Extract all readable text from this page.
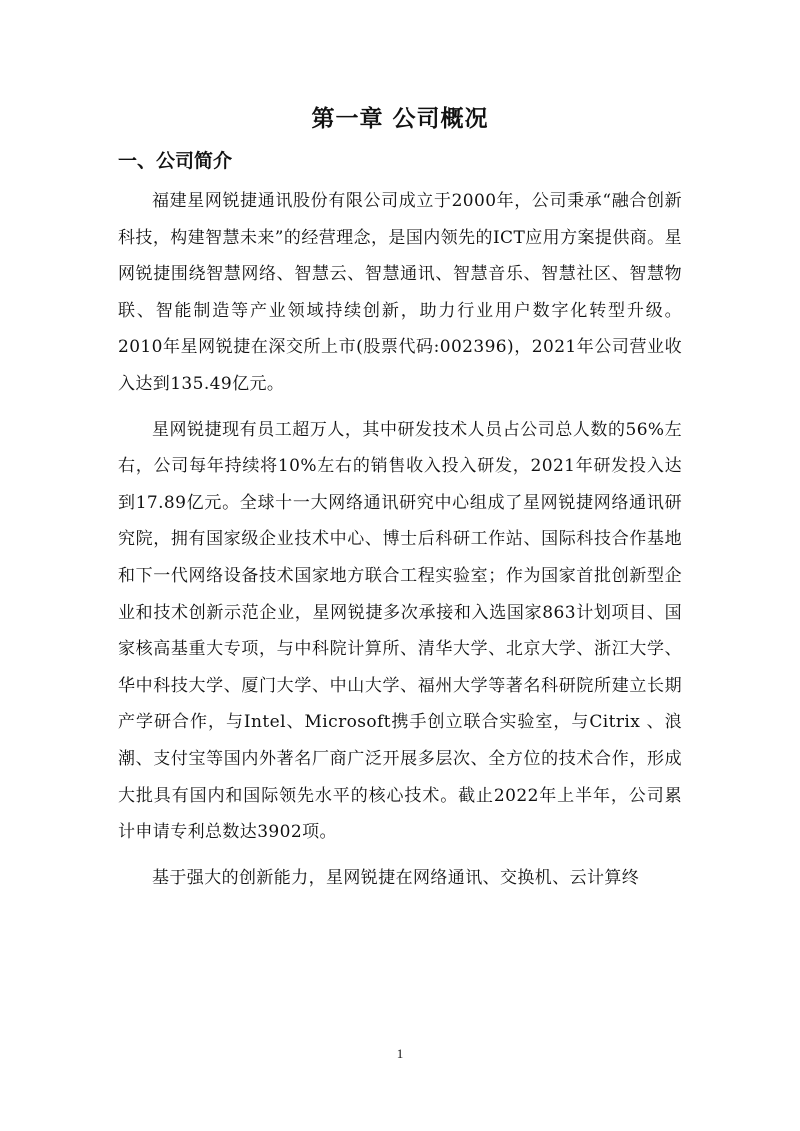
第一章 公司概况
一、公司简介

福建星网锐捷通讯股份有限公司成立于2000年，公司秉承“融合创新科技，构建智慧未来”的经营理念，是国内领先的ICT应用方案提供商。星网锐捷围绕智慧网络、智慧云、智慧通讯、智慧音乐、智慧社区、智慧物联、智能制造等产业领域持续创新，助力行业用户数字化转型升级。2010年星网锐捷在深交所上市(股票代码:002396)，2021年公司营业收入达到135.49亿元。

星网锐捷现有员工超万人，其中研发技术人员占公司总人数的56%左右，公司每年持续将10%左右的销售收入投入研发，2021年研发投入达到17.89亿元。全球十一大网络通讯研究中心组成了星网锐捷网络通讯研究院，拥有国家级企业技术中心、博士后科研工作站、国际科技合作基地和下一代网络设备技术国家地方联合工程实验室；作为国家首批创新型企业和技术创新示范企业，星网锐捷多次承接和入选国家863计划项目、国家核高基重大专项，与中科院计算所、清华大学、北京大学、浙江大学、华中科技大学、厦门大学、中山大学、福州大学等著名科研院所建立长期产学研合作，与Intel、Microsoft携手创立联合实验室，与Citrix 、浪潮、支付宝等国内外著名厂商广泛开展多层次、全方位的技术合作，形成大批具有国内和国际领先水平的核心技术。截止2022年上半年，公司累计申请专利总数达3902项。

基于强大的创新能力，星网锐捷在网络通讯、交换机、云计算终

1
